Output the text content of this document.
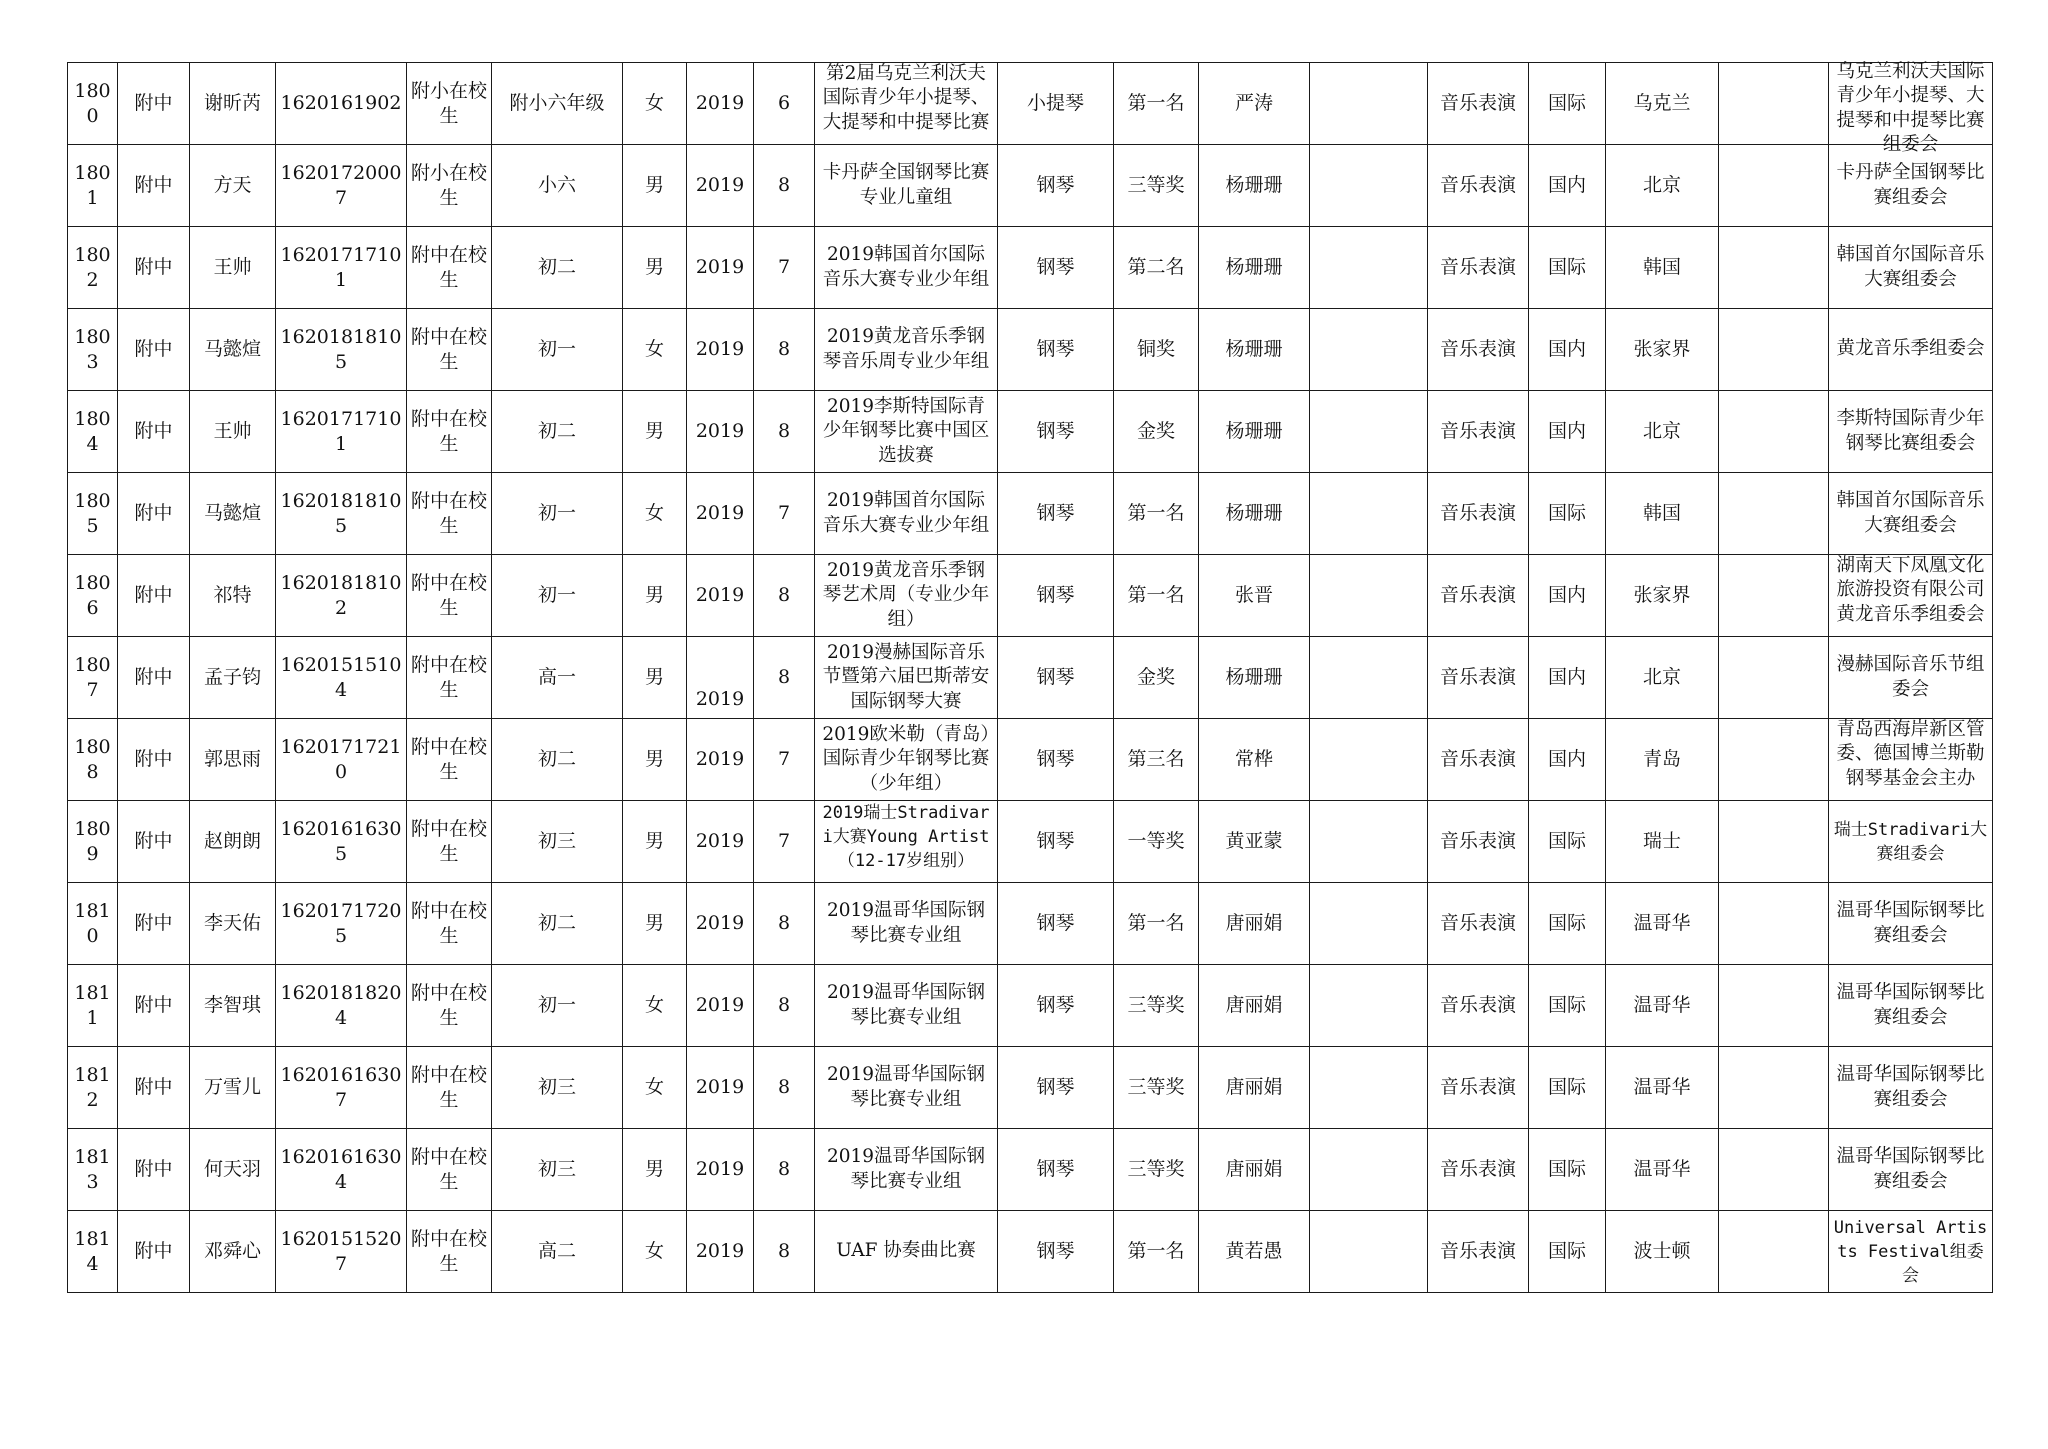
1800	附中	谢昕芮	1620161902	附小在校生	附小六年级	女	2019	6	第2届乌克兰利沃夫国际青少年小提琴、大提琴和中提琴比赛	小提琴	第一名	严涛		音乐表演	国际	乌克兰		乌克兰利沃夫国际青少年小提琴、大提琴和中提琴比赛组委会

1801	附中	方天	16201720007	附小在校生	小六	男	2019	8	卡丹萨全国钢琴比赛专业儿童组	钢琴	三等奖	杨珊珊		音乐表演	国内	北京		卡丹萨全国钢琴比赛组委会

1802	附中	王帅	16201717101	附中在校生	初二	男	2019	7	2019韩国首尔国际音乐大赛专业少年组	钢琴	第二名	杨珊珊		音乐表演	国际	韩国		韩国首尔国际音乐大赛组委会

1803	附中	马懿煊	16201818105	附中在校生	初一	女	2019	8	2019黄龙音乐季钢琴音乐周专业少年组	钢琴	铜奖	杨珊珊		音乐表演	国内	张家界		黄龙音乐季组委会

1804	附中	王帅	16201717101	附中在校生	初二	男	2019	8	2019李斯特国际青少年钢琴比赛中国区选拔赛	钢琴	金奖	杨珊珊		音乐表演	国内	北京		李斯特国际青少年钢琴比赛组委会

1805	附中	马懿煊	16201818105	附中在校生	初一	女	2019	7	2019韩国首尔国际音乐大赛专业少年组	钢琴	第一名	杨珊珊		音乐表演	国际	韩国		韩国首尔国际音乐大赛组委会

1806	附中	祁特	16201818102	附中在校生	初一	男	2019	8	2019黄龙音乐季钢琴艺术周（专业少年组）	钢琴	第一名	张晋		音乐表演	国内	张家界		湖南天下凤凰文化旅游投资有限公司黄龙音乐季组委会

1807	附中	孟子钧	16201515104	附中在校生	高一	男	2019	8	2019漫赫国际音乐节暨第六届巴斯蒂安国际钢琴大赛	钢琴	金奖	杨珊珊		音乐表演	国内	北京		漫赫国际音乐节组委会

1808	附中	郭思雨	16201717210	附中在校生	初二	男	2019	7	2019欧米勒（青岛）国际青少年钢琴比赛（少年组）	钢琴	第三名	常桦		音乐表演	国内	青岛		青岛西海岸新区管委、德国博兰斯勒钢琴基金会主办

1809	附中	赵朗朗	16201616305	附中在校生	初三	男	2019	7	2019瑞士Stradivari大赛Young Artist（12-17岁组别）	钢琴	一等奖	黄亚蒙		音乐表演	国际	瑞士		瑞士Stradivari大赛组委会

1810	附中	李天佑	16201717205	附中在校生	初二	男	2019	8	2019温哥华国际钢琴比赛专业组	钢琴	第一名	唐丽娟		音乐表演	国际	温哥华		温哥华国际钢琴比赛组委会

1811	附中	李智琪	16201818204	附中在校生	初一	女	2019	8	2019温哥华国际钢琴比赛专业组	钢琴	三等奖	唐丽娟		音乐表演	国际	温哥华		温哥华国际钢琴比赛组委会

1812	附中	万雪儿	16201616307	附中在校生	初三	女	2019	8	2019温哥华国际钢琴比赛专业组	钢琴	三等奖	唐丽娟		音乐表演	国际	温哥华		温哥华国际钢琴比赛组委会

1813	附中	何天羽	16201616304	附中在校生	初三	男	2019	8	2019温哥华国际钢琴比赛专业组	钢琴	三等奖	唐丽娟		音乐表演	国际	温哥华		温哥华国际钢琴比赛组委会

1814	附中	邓舜心	16201515207	附中在校生	高二	女	2019	8	UAF 协奏曲比赛	钢琴	第一名	黄若愚		音乐表演	国际	波士顿		Universal Artists Festival组委会
